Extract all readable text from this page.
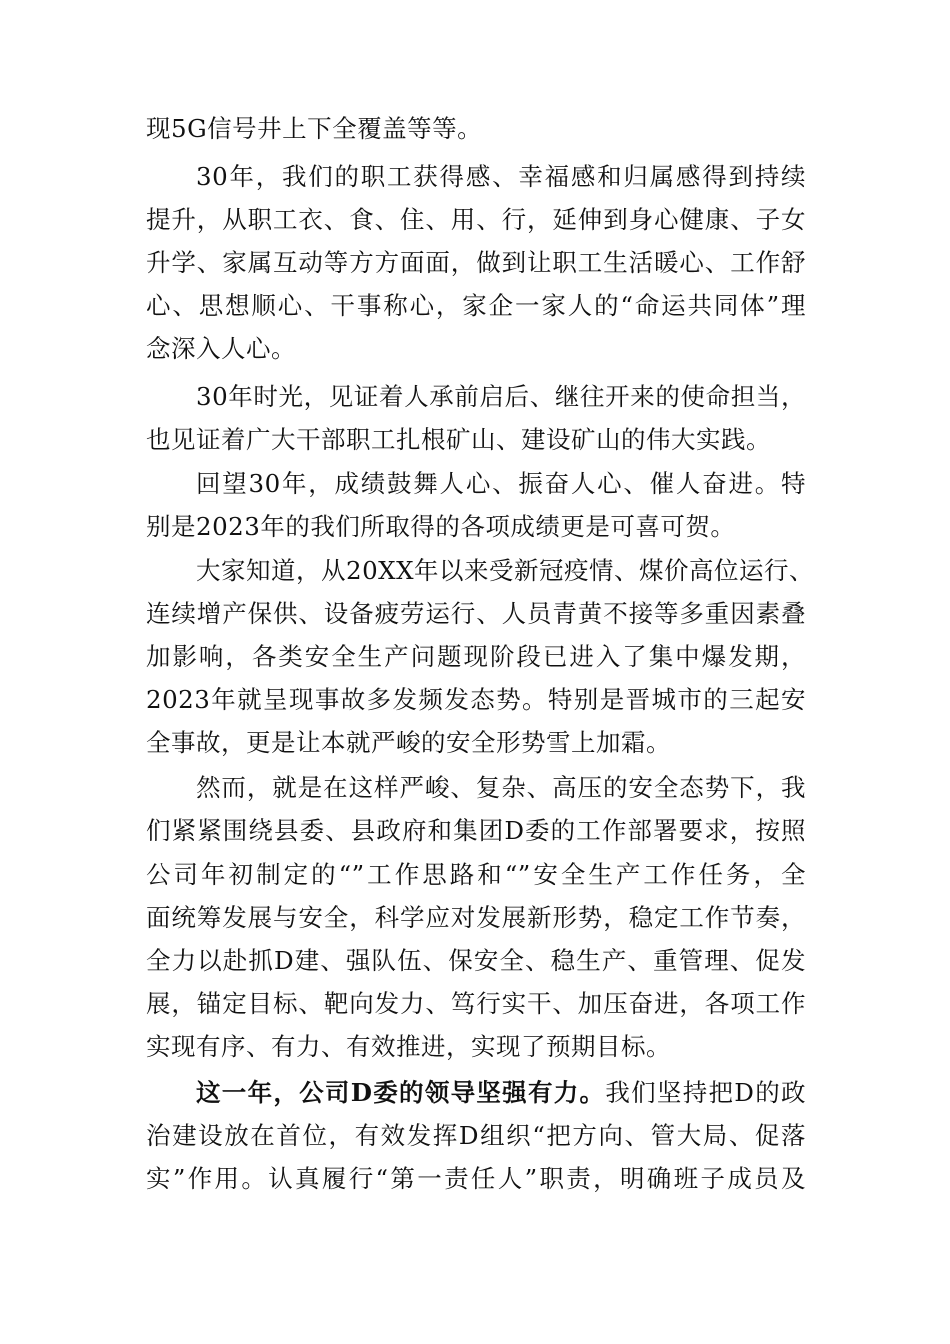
现5G信号井上下全覆盖等等。
30年，我们的职工获得感、幸福感和归属感得到持续
提升，从职工衣、食、住、用、行，延伸到身心健康、子女
升学、家属互动等方方面面，做到让职工生活暖心、工作舒
心、思想顺心、干事称心，家企一家人的“命运共同体”理
念深入人心。
30年时光，见证着人承前启后、继往开来的使命担当，
也见证着广大干部职工扎根矿山、建设矿山的伟大实践。
回望30年，成绩鼓舞人心、振奋人心、催人奋进。特
别是2023年的我们所取得的各项成绩更是可喜可贺。
大家知道，从20XX年以来受新冠疫情、煤价高位运行、
连续增产保供、设备疲劳运行、人员青黄不接等多重因素叠
加影响，各类安全生产问题现阶段已进入了集中爆发期，
2023年就呈现事故多发频发态势。特别是晋城市的三起安
全事故，更是让本就严峻的安全形势雪上加霜。
然而，就是在这样严峻、复杂、高压的安全态势下，我
们紧紧围绕县委、县政府和集团D委的工作部署要求，按照
公司年初制定的“”工作思路和“”安全生产工作任务，全
面统筹发展与安全，科学应对发展新形势，稳定工作节奏，
全力以赴抓D建、强队伍、保安全、稳生产、重管理、促发
展，锚定目标、靶向发力、笃行实干、加压奋进，各项工作
实现有序、有力、有效推进，实现了预期目标。
这一年，公司D委的领导坚强有力。我们坚持把D的政
治建设放在首位，有效发挥D组织“把方向、管大局、促落
实”作用。认真履行“第一责任人”职责，明确班子成员及
